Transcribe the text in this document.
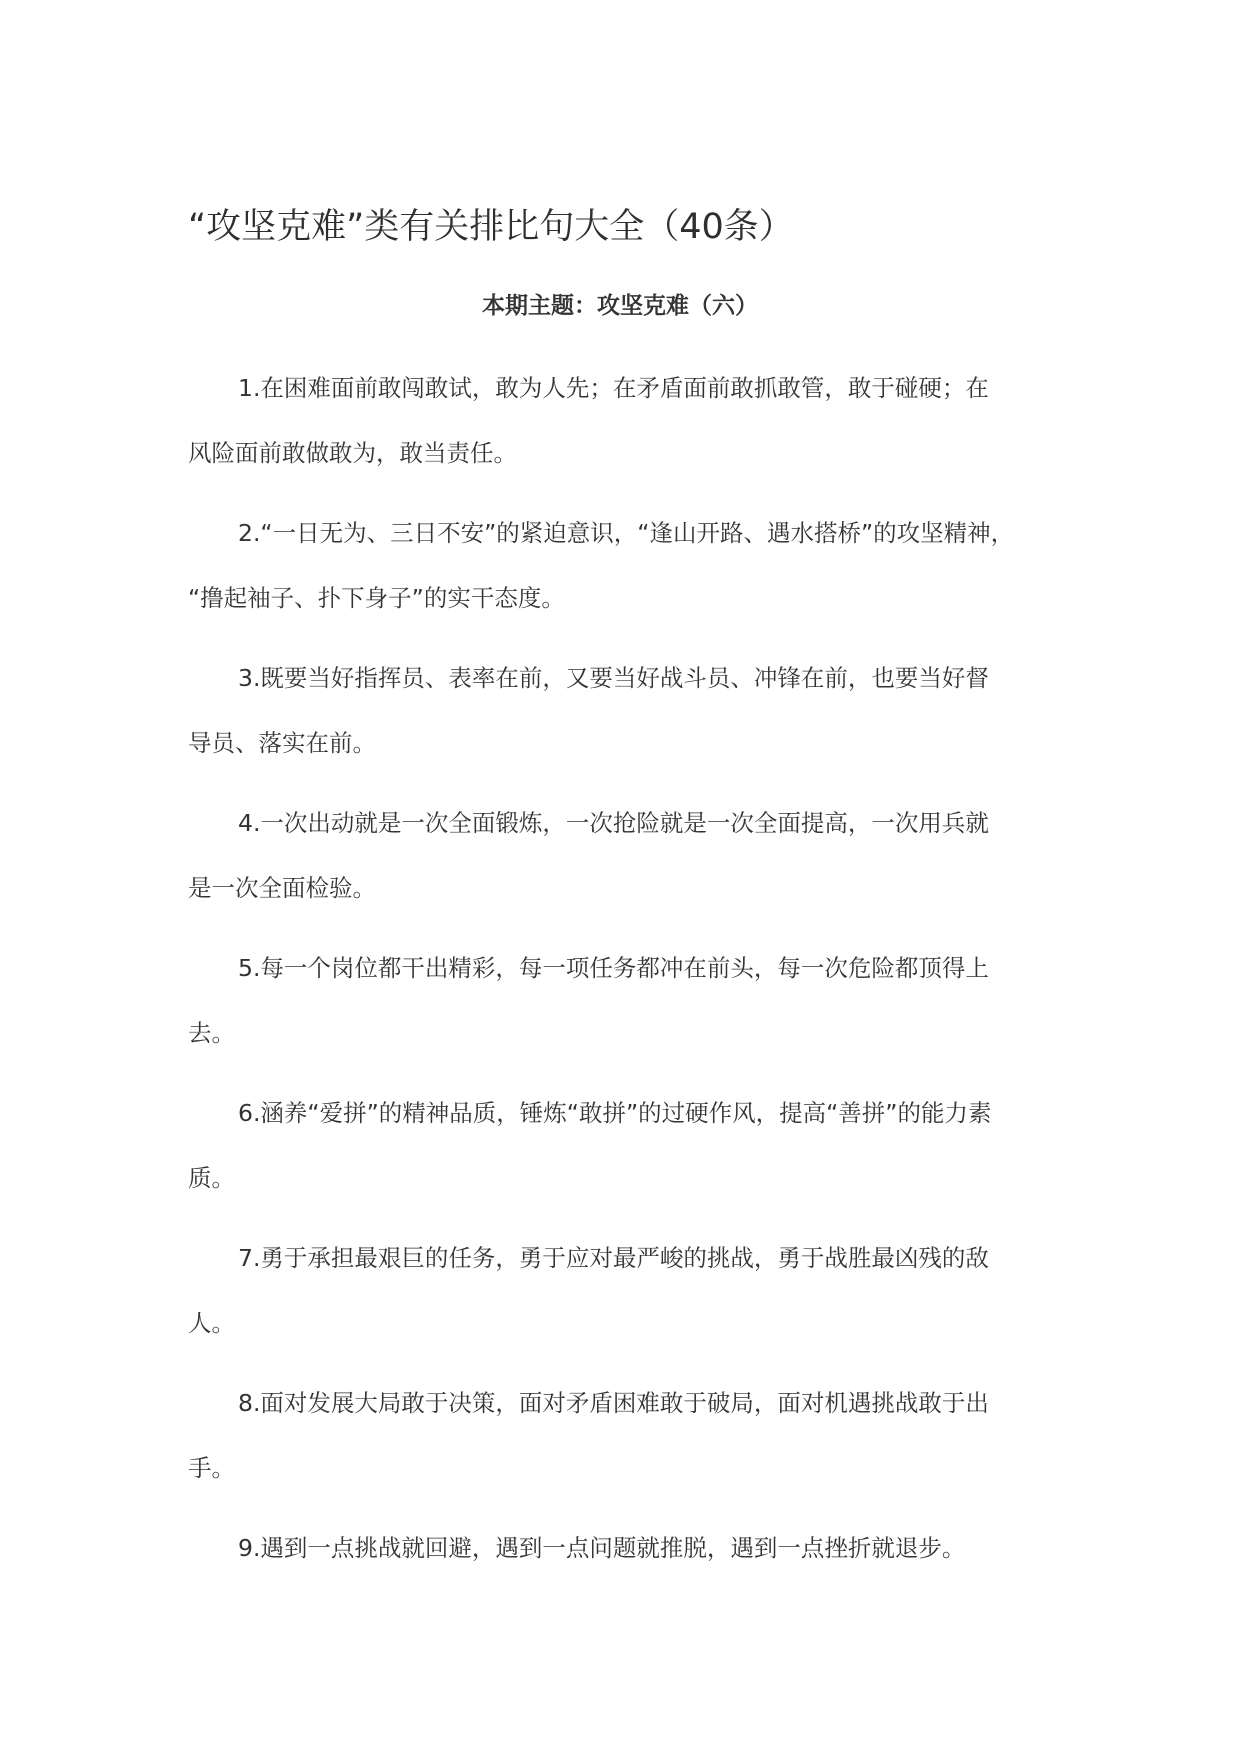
“攻坚克难”类有关排比句大全（40条）
本期主题：攻坚克难（六）

1.在困难面前敢闯敢试，敢为人先；在矛盾面前敢抓敢管，敢于碰硬；在
风险面前敢做敢为，敢当责任。

2.“一日无为、三日不安”的紧迫意识，“逢山开路、遇水搭桥”的攻坚精神，
“撸起袖子、扑下身子”的实干态度。

3.既要当好指挥员、表率在前，又要当好战斗员、冲锋在前，也要当好督
导员、落实在前。

4.一次出动就是一次全面锻炼，一次抢险就是一次全面提高，一次用兵就
是一次全面检验。

5.每一个岗位都干出精彩，每一项任务都冲在前头，每一次危险都顶得上
去。

6.涵养“爱拼”的精神品质，锤炼“敢拼”的过硬作风，提高“善拼”的能力素
质。

7.勇于承担最艰巨的任务，勇于应对最严峻的挑战，勇于战胜最凶残的敌
人。

8.面对发展大局敢于决策，面对矛盾困难敢于破局，面对机遇挑战敢于出
手。

9.遇到一点挑战就回避，遇到一点问题就推脱，遇到一点挫折就退步。
